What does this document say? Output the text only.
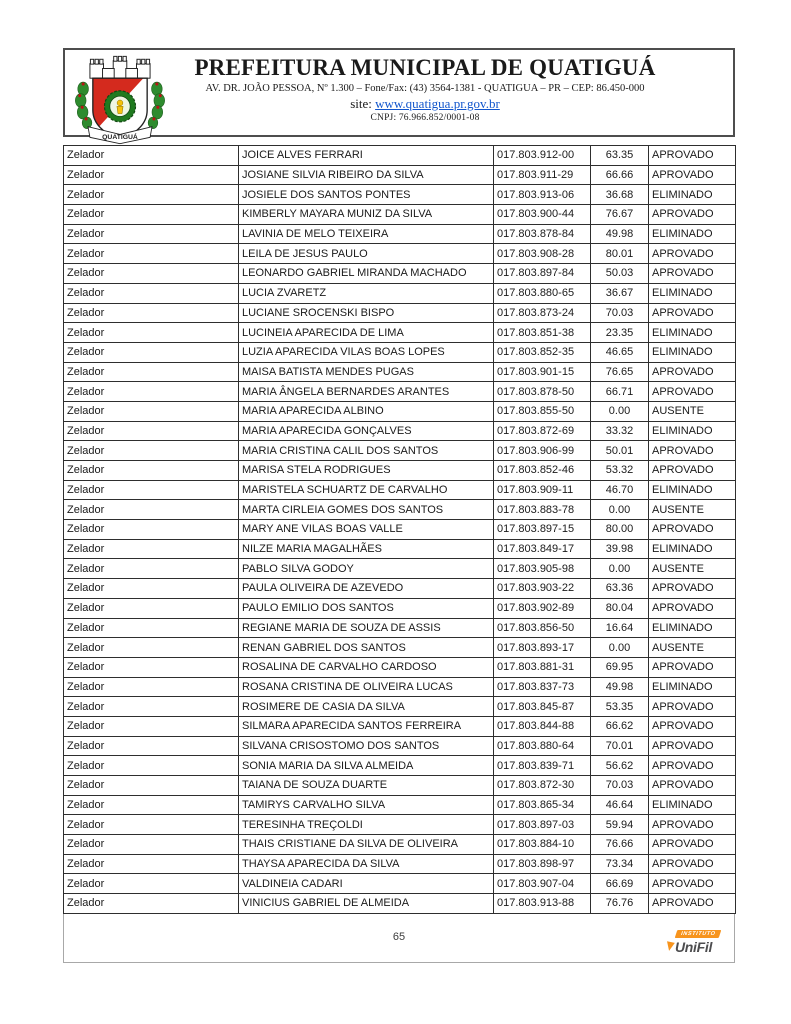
QUATIGUÁ
PREFEITURA MUNICIPAL DE QUATIGUÁ
AV. DR. JOÃO PESSOA, Nº 1.300 – Fone/Fax: (43) 3564-1381 - QUATIGUA – PR – CEP: 86.450-000
site: www.quatigua.pr.gov.br
CNPJ: 76.966.852/0001-08
Zelador	JOICE ALVES FERRARI	017.803.912-00	63.35	APROVADO
Zelador	JOSIANE SILVIA RIBEIRO DA SILVA	017.803.911-29	66.66	APROVADO
Zelador	JOSIELE DOS SANTOS PONTES	017.803.913-06	36.68	ELIMINADO
Zelador	KIMBERLY MAYARA MUNIZ DA SILVA	017.803.900-44	76.67	APROVADO
Zelador	LAVINIA DE MELO TEIXEIRA	017.803.878-84	49.98	ELIMINADO
Zelador	LEILA DE JESUS PAULO	017.803.908-28	80.01	APROVADO
Zelador	LEONARDO GABRIEL MIRANDA MACHADO	017.803.897-84	50.03	APROVADO
Zelador	LUCIA ZVARETZ	017.803.880-65	36.67	ELIMINADO
Zelador	LUCIANE SROCENSKI BISPO	017.803.873-24	70.03	APROVADO
Zelador	LUCINEIA APARECIDA DE LIMA	017.803.851-38	23.35	ELIMINADO
Zelador	LUZIA APARECIDA VILAS BOAS LOPES	017.803.852-35	46.65	ELIMINADO
Zelador	MAISA BATISTA MENDES PUGAS	017.803.901-15	76.65	APROVADO
Zelador	MARIA ÂNGELA BERNARDES ARANTES	017.803.878-50	66.71	APROVADO
Zelador	MARIA APARECIDA ALBINO	017.803.855-50	0.00	AUSENTE
Zelador	MARIA APARECIDA GONÇALVES	017.803.872-69	33.32	ELIMINADO
Zelador	MARIA CRISTINA CALIL DOS SANTOS	017.803.906-99	50.01	APROVADO
Zelador	MARISA STELA RODRIGUES	017.803.852-46	53.32	APROVADO
Zelador	MARISTELA SCHUARTZ DE CARVALHO	017.803.909-11	46.70	ELIMINADO
Zelador	MARTA CIRLEIA GOMES DOS SANTOS	017.803.883-78	0.00	AUSENTE
Zelador	MARY ANE VILAS BOAS VALLE	017.803.897-15	80.00	APROVADO
Zelador	NILZE MARIA MAGALHÃES	017.803.849-17	39.98	ELIMINADO
Zelador	PABLO SILVA GODOY	017.803.905-98	0.00	AUSENTE
Zelador	PAULA OLIVEIRA DE AZEVEDO	017.803.903-22	63.36	APROVADO
Zelador	PAULO EMILIO DOS SANTOS	017.803.902-89	80.04	APROVADO
Zelador	REGIANE MARIA DE SOUZA DE ASSIS	017.803.856-50	16.64	ELIMINADO
Zelador	RENAN GABRIEL DOS SANTOS	017.803.893-17	0.00	AUSENTE
Zelador	ROSALINA DE CARVALHO CARDOSO	017.803.881-31	69.95	APROVADO
Zelador	ROSANA CRISTINA DE OLIVEIRA LUCAS	017.803.837-73	49.98	ELIMINADO
Zelador	ROSIMERE DE CASIA DA SILVA	017.803.845-87	53.35	APROVADO
Zelador	SILMARA APARECIDA SANTOS FERREIRA	017.803.844-88	66.62	APROVADO
Zelador	SILVANA CRISOSTOMO DOS SANTOS	017.803.880-64	70.01	APROVADO
Zelador	SONIA MARIA DA SILVA ALMEIDA	017.803.839-71	56.62	APROVADO
Zelador	TAIANA DE SOUZA DUARTE	017.803.872-30	70.03	APROVADO
Zelador	TAMIRYS CARVALHO SILVA	017.803.865-34	46.64	ELIMINADO
Zelador	TERESINHA TREÇOLDI	017.803.897-03	59.94	APROVADO
Zelador	THAIS CRISTIANE DA SILVA DE OLIVEIRA	017.803.884-10	76.66	APROVADO
Zelador	THAYSA APARECIDA DA SILVA	017.803.898-97	73.34	APROVADO
Zelador	VALDINEIA CADARI	017.803.907-04	66.69	APROVADO
Zelador	VINICIUS GABRIEL DE ALMEIDA	017.803.913-88	76.76	APROVADO
65	INSTITUTO
UniFil
